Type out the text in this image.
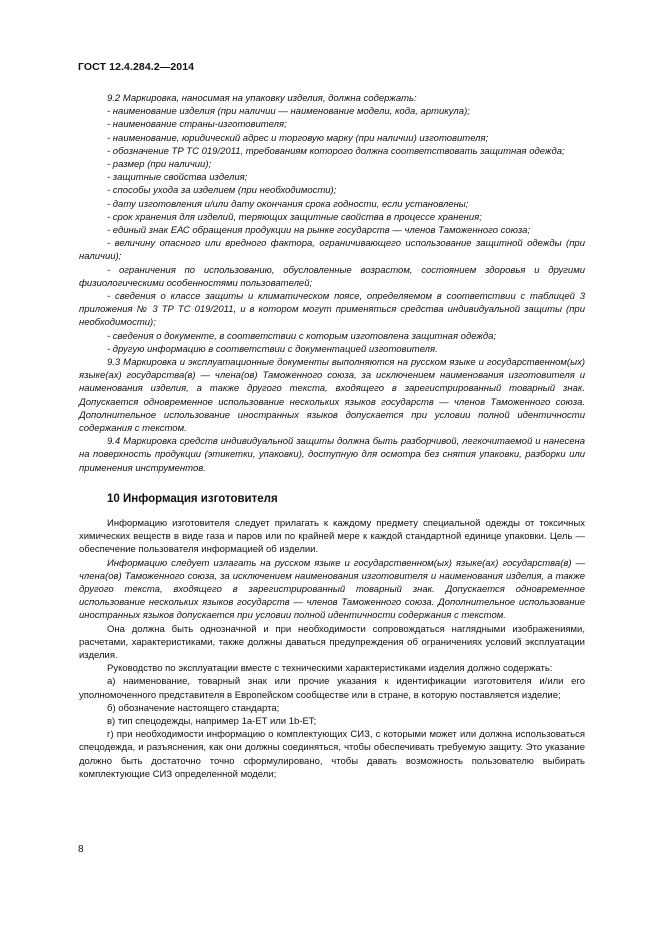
ГОСТ 12.4.284.2—2014

9.2 Маркировка, наносимая на упаковку изделия, должна содержать:

- наименование изделия (при наличии — наименование модели, кода, артикула);

- наименование страны-изготовителя;

- наименование, юридический адрес и торговую марку (при наличии) изготовителя;

- обозначение ТР ТС 019/2011, требованиям которого должна соответствовать защитная одежда;

- размер (при наличии);

- защитные свойства изделия;

- способы ухода за изделием (при необходимости);

- дату изготовления и/или дату окончания срока годности, если установлены;

- срок хранения для изделий, теряющих защитные свойства в процессе хранения;

- единый знак ЕАС обращения продукции на рынке государств — членов Таможенного союза;

- величину опасного или вредного фактора, ограничивающего использование защитной одежды (при наличии);

- ограничения по использованию, обусловленные возрастом, состоянием здоровья и другими физиологическими особенностями пользователей;

- сведения о классе защиты и климатическом поясе, определяемом в соответствии с таблицей 3 приложения № 3 ТР ТС 019/2011, и в котором могут применяться средства индивидуальной защиты (при необходимости);

- сведения о документе, в соответствии с которым изготовлена защитная одежда;

- другую информацию в соответствии с документацией изготовителя.

9.3 Маркировка и эксплуатационные документы выполняются на русском языке и государственном(ых) языке(ах) государства(в) — члена(ов) Таможенного союза, за исключением наименования изготовителя и наименования изделия, а также другого текста, входящего в зарегистрированный товарный знак. Допускается одновременное использование нескольких языков государств — членов Таможенного союза. Дополнительное использование иностранных языков допускается при условии полной идентичности содержания с текстом.

9.4 Маркировка средств индивидуальной защиты должна быть разборчивой, легкочитаемой и нанесена на поверхность продукции (этикетки, упаковки), доступную для осмотра без снятия упаковки, разборки или применения инструментов.

10 Информация изготовителя

Информацию изготовителя следует прилагать к каждому предмету специальной одежды от токсичных химических веществ в виде газа и паров или по крайней мере к каждой стандартной единице упаковки. Цель — обеспечение пользователя информацией об изделии.

Информацию следует излагать на русском языке и государственном(ых) языке(ах) государства(в) — члена(ов) Таможенного союза, за исключением наименования изготовителя и наименования изделия, а также другого текста, входящего в зарегистрированный товарный знак. Допускается одновременное использование нескольких языков государств — членов Таможенного союза. Дополнительное использование иностранных языков допускается при условии полной идентичности содержания с текстом.

Она должна быть однозначной и при необходимости сопровождаться наглядными изображениями, расчетами, характеристиками, также должны даваться предупреждения об ограничениях условий эксплуатации изделия.

Руководство по эксплуатации вместе с техническими характеристиками изделия должно содержать:

а) наименование, товарный знак или прочие указания к идентификации изготовителя и/или его уполномоченного представителя в Европейском сообществе или в стране, в которую поставляется изделие;

б) обозначение настоящего стандарта;

в) тип спецодежды, например 1a-ET или 1b-ET;

г) при необходимости информацию о комплектующих СИЗ, с которыми может или должна использоваться спецодежда, и разъяснения, как они должны соединяться, чтобы обеспечивать требуемую защиту. Это указание должно быть достаточно точно сформулировано, чтобы давать возможность пользователю выбирать комплектующие СИЗ определенной модели;

8
